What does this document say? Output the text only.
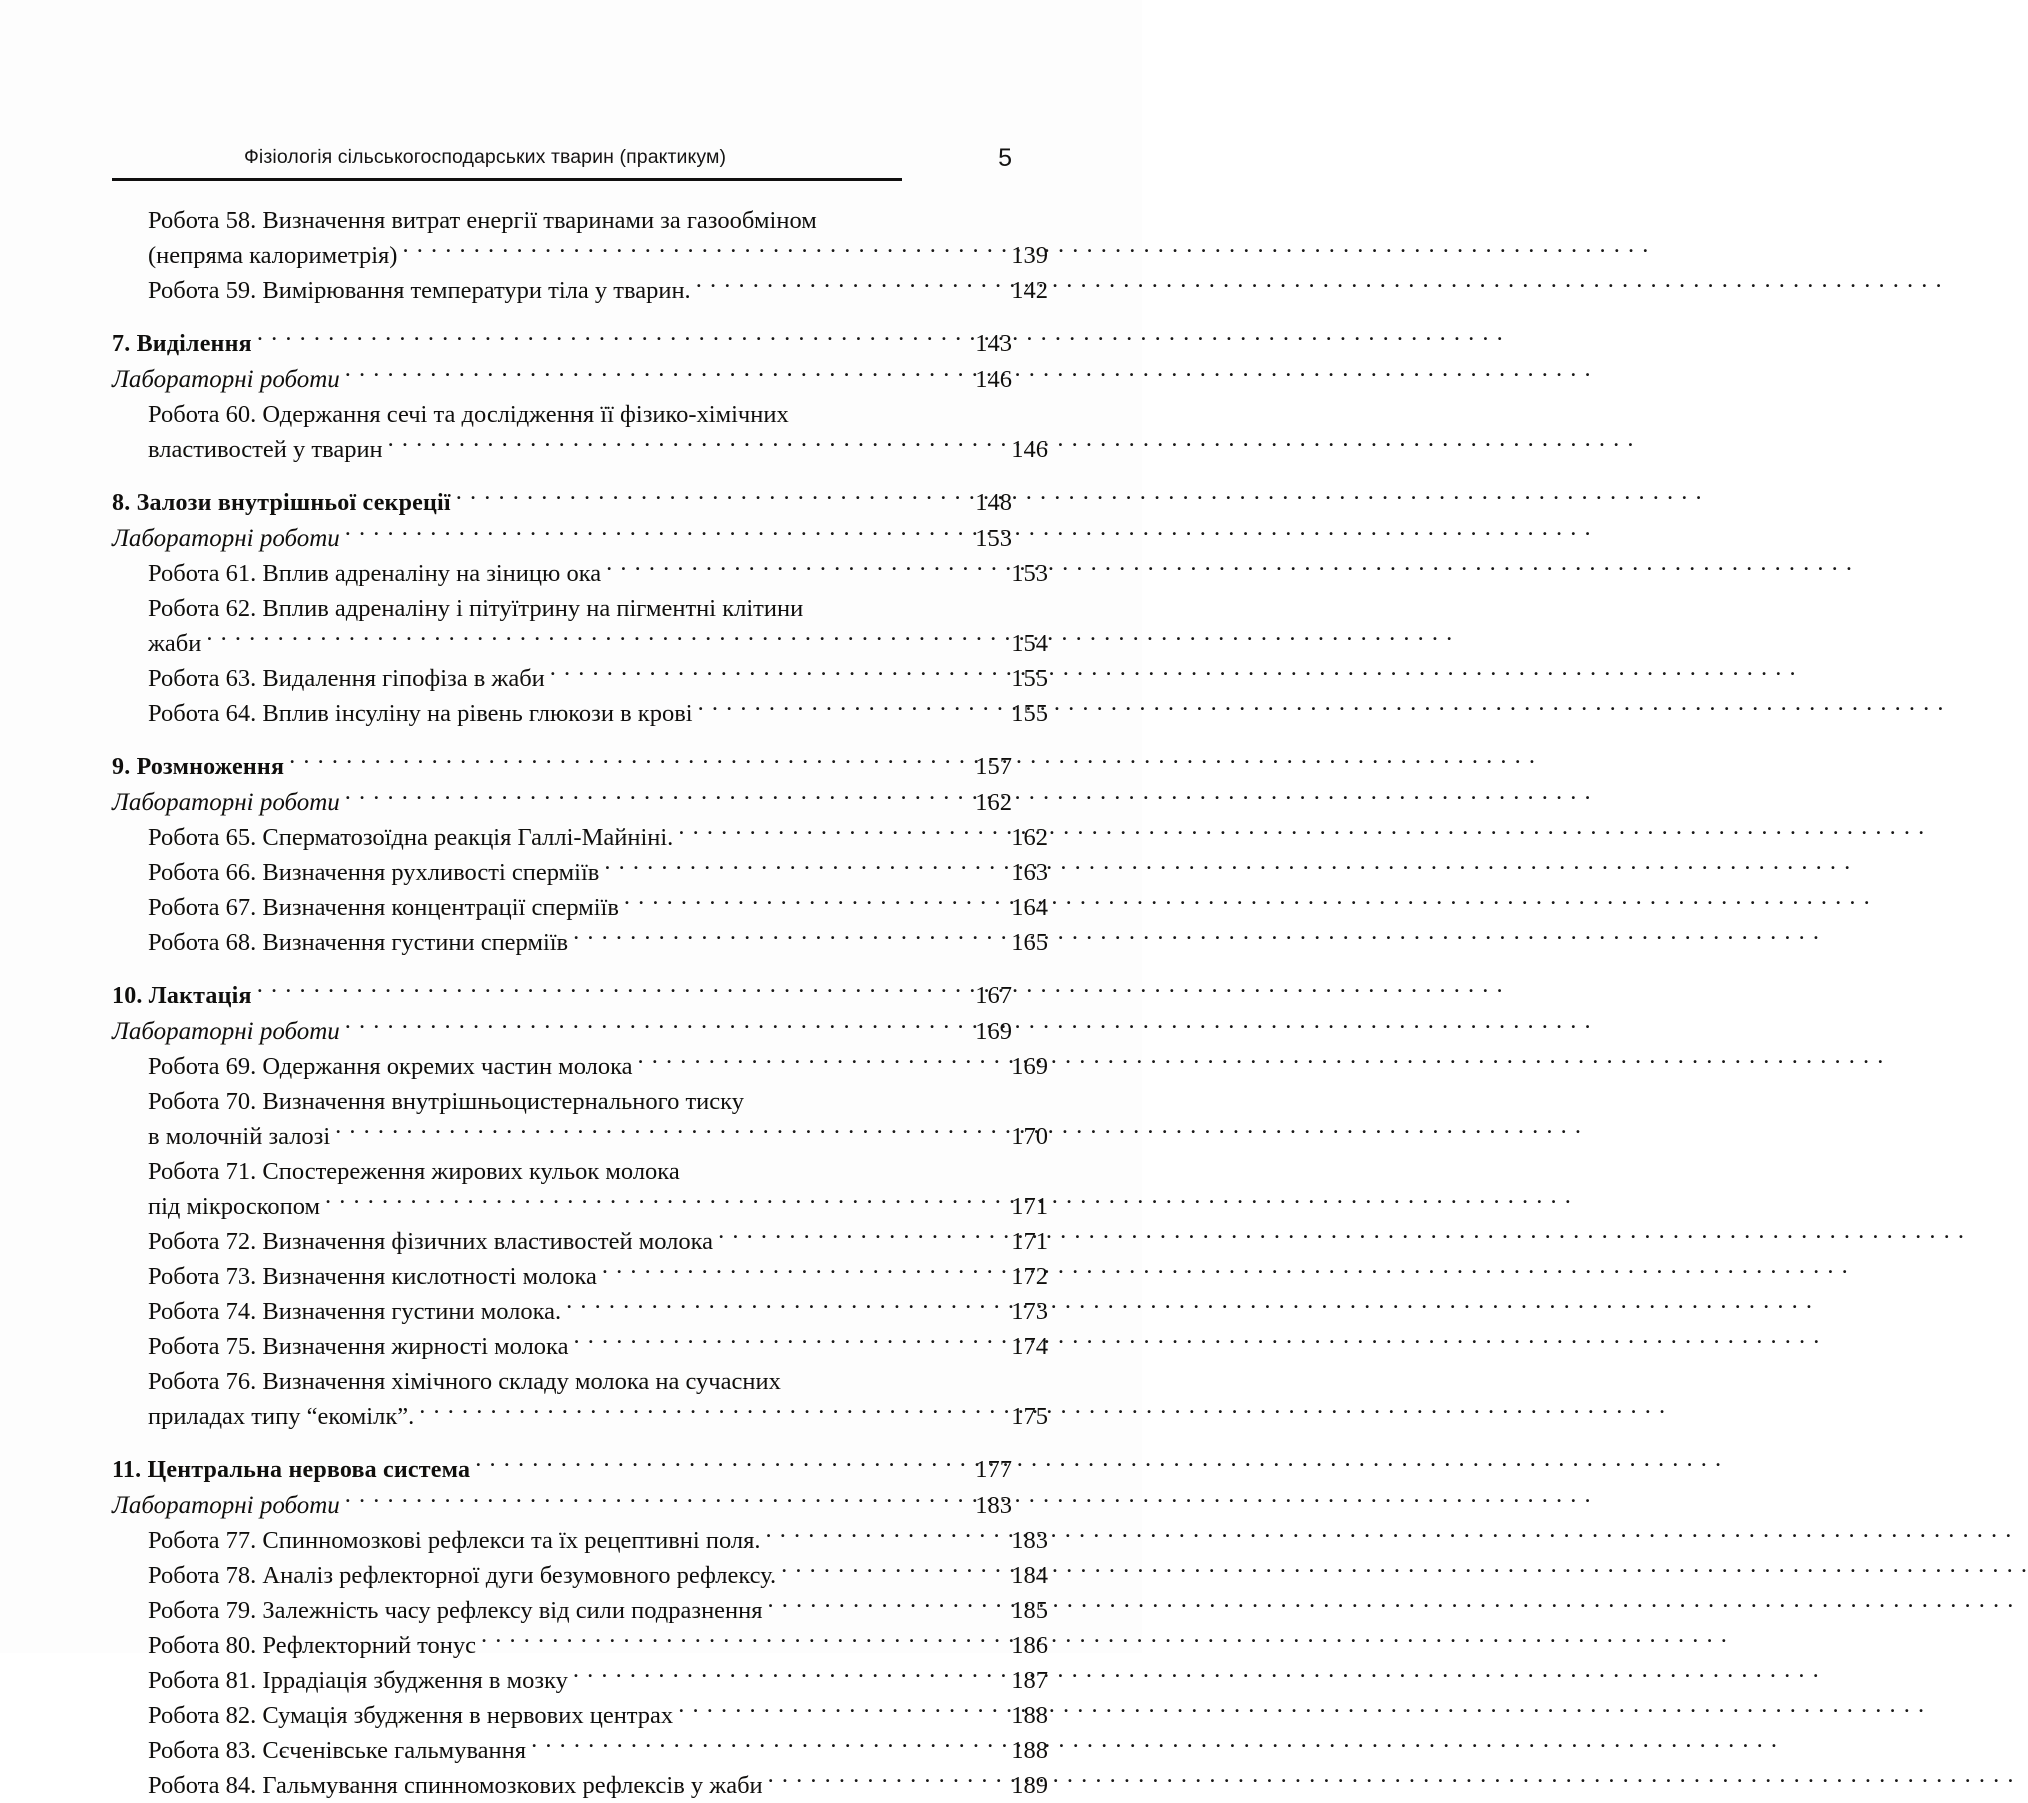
Фізіологія сільськогосподарських тварин (практикум)	5
Робота 58. Визначення витрат енергії тваринами за газообміном
(непряма калориметрія) . . .	139
Робота 59. Вимірювання температури тіла у тварин. . . .	142
7. Виділення . . .	143
Лабораторні роботи . . .	146
Робота 60. Одержання сечі та дослідження її фізико-хімічних
властивостей у тварин . . .	146
8. Залози внутрішньої секреції . . .	148
Лабораторні роботи . . .	153
Робота 61. Вплив адреналіну на зіницю ока . . .	153
Робота 62. Вплив адреналіну і пітуїтрину на пігментні клітини
жаби . . .	154
Робота 63. Видалення гіпофіза в жаби . . .	155
Робота 64. Вплив інсуліну на рівень глюкози в крові . . .	155
9. Розмноження . . .	157
Лабораторні роботи . . .	162
Робота 65. Сперматозоїдна реакція Галлі-Майніні. . . .	162
Робота 66. Визначення рухливості сперміїв . . .	163
Робота 67. Визначення концентрації сперміїв . . .	164
Робота 68. Визначення густини сперміїв . . .	165
10. Лактація . . .	167
Лабораторні роботи . . .	169
Робота 69. Одержання окремих частин молока . . .	169
Робота 70. Визначення внутрішньоцистернального тиску
в молочній залозі . . .	170
Робота 71. Спостереження жирових кульок молока
під мікроскопом . . .	171
Робота 72. Визначення фізичних властивостей молока . . .	171
Робота 73. Визначення кислотності молока . . .	172
Робота 74. Визначення густини молока. . . .	173
Робота 75. Визначення жирності молока . . .	174
Робота 76. Визначення хімічного складу молока на сучасних
приладах типу “екомілк”. . . .	175
11. Центральна нервова система . . .	177
Лабораторні роботи . . .	183
Робота 77. Спинномозкові рефлекси та їх рецептивні поля. . . .	183
Робота 78. Аналіз рефлекторної дуги безумовного рефлексу. . . .	184
Робота 79. Залежність часу рефлексу від сили подразнення . . .	185
Робота 80. Рефлекторний тонус . . .	186
Робота 81. Іррадіація збудження в мозку . . .	187
Робота 82. Сумація збудження в нервових центрах . . .	188
Робота 83. Сєченівське гальмування . . .	188
Робота 84. Гальмування спинномозкових рефлексів у жаби . . .	189
